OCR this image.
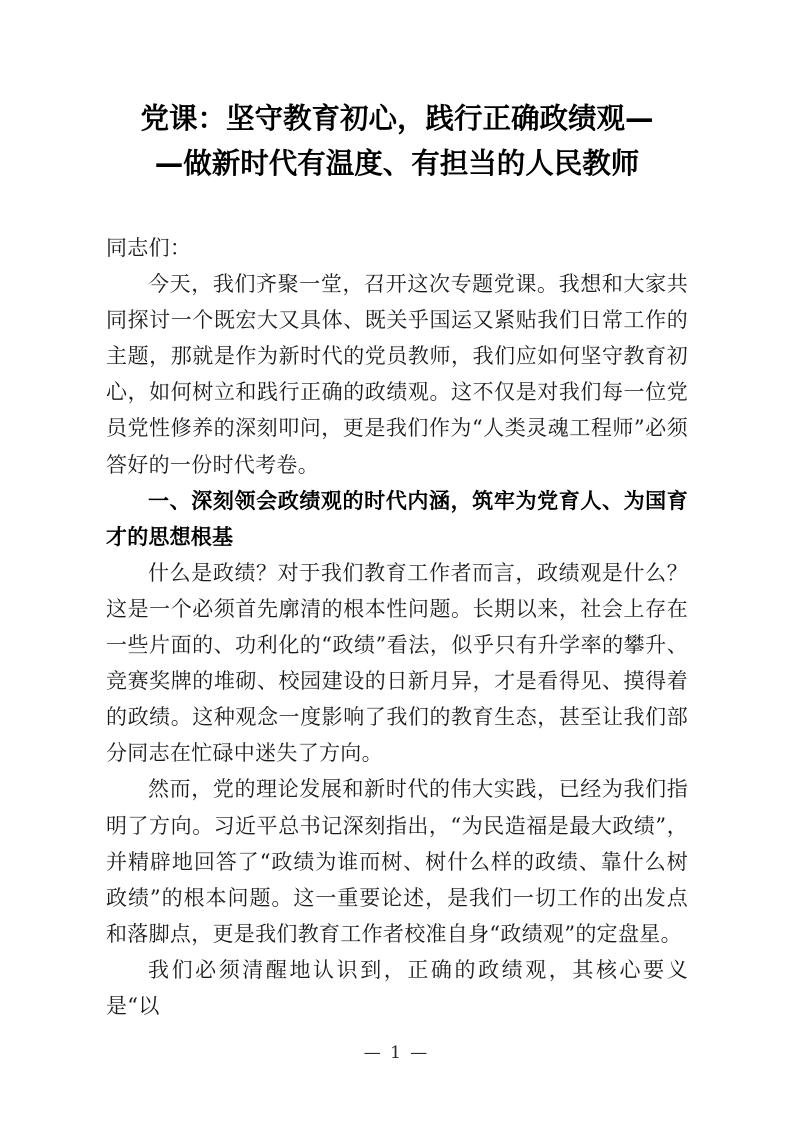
党课：坚守教育初心，践行正确政绩观—
—做新时代有温度、有担当的人民教师

同志们：

今天，我们齐聚一堂，召开这次专题党课。我想和大家共同探讨一个既宏大又具体、既关乎国运又紧贴我们日常工作的主题，那就是作为新时代的党员教师，我们应如何坚守教育初心，如何树立和践行正确的政绩观。这不仅是对我们每一位党员党性修养的深刻叩问，更是我们作为“人类灵魂工程师”必须答好的一份时代考卷。

一、深刻领会政绩观的时代内涵，筑牢为党育人、为国育才的思想根基

什么是政绩？对于我们教育工作者而言，政绩观是什么？这是一个必须首先廓清的根本性问题。长期以来，社会上存在一些片面的、功利化的“政绩”看法，似乎只有升学率的攀升、竞赛奖牌的堆砌、校园建设的日新月异，才是看得见、摸得着的政绩。这种观念一度影响了我们的教育生态，甚至让我们部分同志在忙碌中迷失了方向。

然而，党的理论发展和新时代的伟大实践，已经为我们指明了方向。习近平总书记深刻指出，“为民造福是最大政绩”，并精辟地回答了“政绩为谁而树、树什么样的政绩、靠什么树政绩”的根本问题。这一重要论述，是我们一切工作的出发点和落脚点，更是我们教育工作者校准自身“政绩观”的定盘星。

我们必须清醒地认识到，正确的政绩观，其核心要义是“以

— 1 —
